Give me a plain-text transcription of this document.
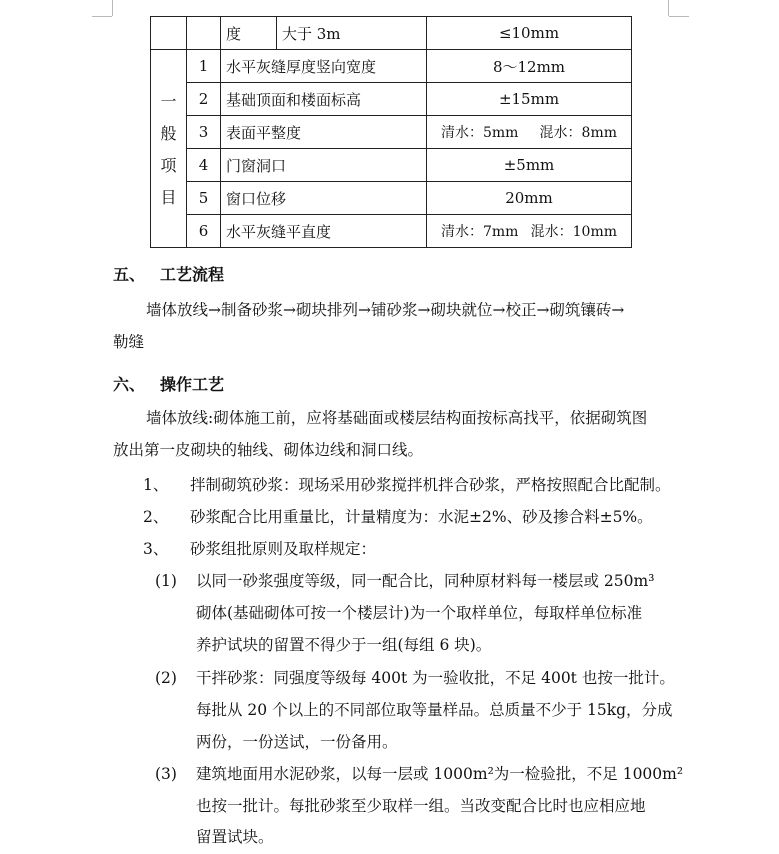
		度	大于 3m	≤10mm

一
般
项
目	1	水平灰缝厚度竖向宽度		8～12mm
	2	基础顶面和楼面标高		±15mm
	3	表面平整度		清水：5mm 混水：8mm

	4	门窗洞口		±5mm
	5	窗口位移		20mm
	6	水平灰缝平直度		清水：7mm 混水：10mm
五、 工艺流程
墙体放线→制备砂浆→砌块排列→铺砂浆→砌块就位→校正→砌筑镶砖→
勒缝
六、 操作工艺
墙体放线:砌体施工前，应将基础面或楼层结构面按标高找平，依据砌筑图
放出第一皮砌块的轴线、砌体边线和洞口线。
1、 拌制砌筑砂浆：现场采用砂浆搅拌机拌合砂浆，严格按照配合比配制。
2、 砂浆配合比用重量比，计量精度为：水泥±2%、砂及掺合料±5%。
3、 砂浆组批原则及取样规定：
(1) 以同一砂浆强度等级，同一配合比，同种原材料每一楼层或 250m³
砌体(基础砌体可按一个楼层计)为一个取样单位，每取样单位标准
养护试块的留置不得少于一组(每组 6 块)。
(2) 干拌砂浆：同强度等级每 400t 为一验收批，不足 400t 也按一批计。
每批从 20 个以上的不同部位取等量样品。总质量不少于 15kg，分成
两份，一份送试，一份备用。
(3) 建筑地面用水泥砂浆，以每一层或 1000m²为一检验批，不足 1000m²
也按一批计。每批砂浆至少取样一组。当改变配合比时也应相应地
留置试块。
